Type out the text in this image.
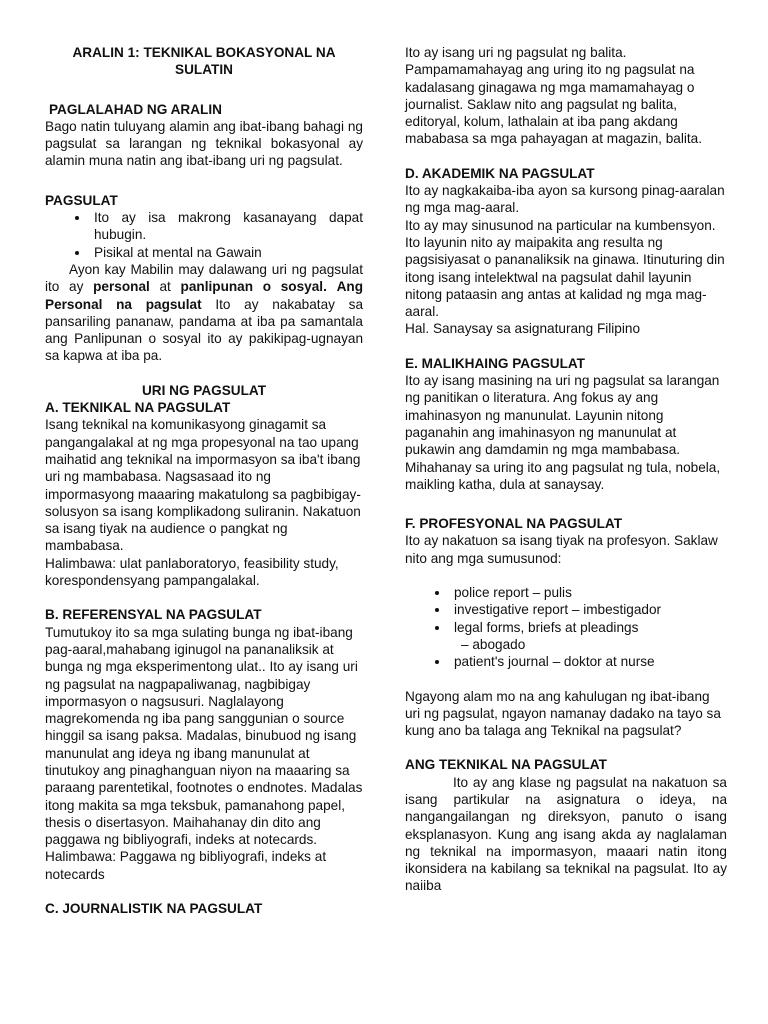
ARALIN 1: TEKNIKAL BOKASYONAL NA SULATIN

PAGLALAHAD NG ARALIN

Bago natin tuluyang alamin ang ibat-ibang bahagi ng pagsulat sa larangan ng teknikal bokasyonal ay alamin muna natin ang ibat-ibang uri ng pagsulat.

PAGSULAT

• Ito ay isa makrong kasanayang dapat hubugin.
• Pisikal at mental na Gawain

Ayon kay Mabilin may dalawang uri ng pagsulat ito ay personal at panlipunan o sosyal. Ang Personal na pagsulat Ito ay nakabatay sa pansariling pananaw, pandama at iba pa samantala ang Panlipunan o sosyal ito ay pakikipag-ugnayan sa kapwa at iba pa.

URI NG PAGSULAT

A. TEKNIKAL NA PAGSULAT

Isang teknikal na komunikasyong ginagamit sa pangangalakal at ng mga propesyonal na tao upang maihatid ang teknikal na impormasyon sa iba't ibang uri ng mambabasa. Nagsasaad ito ng impormasyong maaaring makatulong sa pagbibigay-solusyon sa isang komplikadong suliranin. Nakatuon sa isang tiyak na audience o pangkat ng mambabasa.

Halimbawa: ulat panlaboratoryo, feasibility study, korespondensyang pampangalakal.

B. REFERENSYAL NA PAGSULAT

Tumutukoy ito sa mga sulating bunga ng ibat-ibang pag-aaral,mahabang iginugol na pananaliksik at bunga ng mga eksperimentong ulat.. Ito ay isang uri ng pagsulat na nagpapaliwanag, nagbibigay impormasyon o nagsusuri. Naglalayong magrekomenda ng iba pang sanggunian o source hinggil sa isang paksa. Madalas, binubuod ng isang manunulat ang ideya ng ibang manunulat at tinutukoy ang pinaghanguan niyon na maaaring sa paraang parentetikal, footnotes o endnotes. Madalas itong makita sa mga teksbuk, pamanahong papel, thesis o disertasyon. Maihahanay din dito ang paggawa ng bibliyografi, indeks at notecards.

Halimbawa: Paggawa ng bibliyografi, indeks at notecards

C. JOURNALISTIK NA PAGSULAT

Ito ay isang uri ng pagsulat ng balita. Pampamamahayag ang uring ito ng pagsulat na kadalasang ginagawa ng mga mamamahayag o journalist. Saklaw nito ang pagsulat ng balita, editoryal, kolum, lathalain at iba pang akdang mababasa sa mga pahayagan at magazin, balita.

D. AKADEMIK NA PAGSULAT

Ito ay nagkakaiba-iba ayon sa kursong pinag-aaralan ng mga mag-aaral.

Ito ay may sinusunod na particular na kumbensyon. Ito layunin nito ay maipakita ang resulta ng pagsisiyasat o pananaliksik na ginawa. Itinuturing din itong isang intelektwal na pagsulat dahil layunin nitong pataasin ang antas at kalidad ng mga mag-aaral.

Hal. Sanaysay sa asignaturang Filipino

E. MALIKHAING PAGSULAT

Ito ay isang masining na uri ng pagsulat sa larangan ng panitikan o literatura. Ang fokus ay ang imahinasyon ng manunulat. Layunin nitong paganahin ang imahinasyon ng manunulat at pukawin ang damdamin ng mga mambabasa. Mihahanay sa uring ito ang pagsulat ng tula, nobela, maikling katha, dula at sanaysay.

F. PROFESYONAL NA PAGSULAT

Ito ay nakatuon sa isang tiyak na profesyon. Saklaw nito ang mga sumusunod:

• police report – pulis
• investigative report – imbestigador
• legal forms, briefs at pleadings

– abogado

• patient's journal – doktor at nurse

Ngayong alam mo na ang kahulugan ng ibat-ibang uri ng pagsulat, ngayon namanay dadako na tayo sa kung ano ba talaga ang Teknikal na pagsulat?

ANG TEKNIKAL NA PAGSULAT

Ito ay ang klase ng pagsulat na nakatuon sa isang partikular na asignatura o ideya, na nangangailangan ng direksyon, panuto o isang eksplanasyon. Kung ang isang akda ay naglalaman ng teknikal na impormasyon, maaari natin itong ikonsidera na kabilang sa teknikal na pagsulat. Ito ay naiiba
